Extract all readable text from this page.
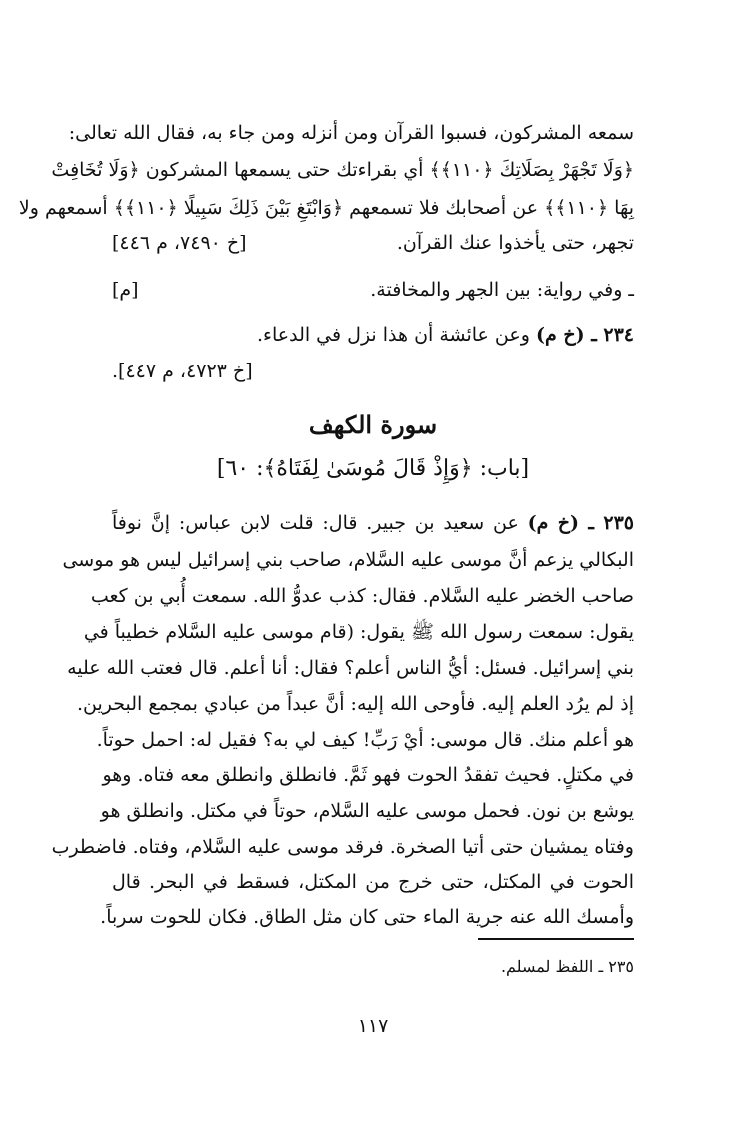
سمعه المشركون، فسبوا القرآن ومن أنزله ومن جاء به، فقال الله تعالى:
﴿وَلَا تَجْهَرْ بِصَلَاتِكَ ﴿١١٠﴾﴾ أي بقراءتك حتى يسمعها المشركون ﴿وَلَا تُخَافِتْ
بِهَا ﴿١١٠﴾﴾ عن أصحابك فلا تسمعهم ﴿وَابْتَغِ بَيْنَ ذَلِكَ سَبِيلًا ﴿١١٠﴾﴾ أسمعهم ولا
تجهر، حتى يأخذوا عنك القرآن.
[خ ٧٤٩٠، م ٤٤٦]
ـ وفي رواية: بين الجهر والمخافتة.
[م]
٢٣٤ ـ (خ م) وعن عائشة أن هذا نزل في الدعاء.
[خ ٤٧٢٣، م ٤٤٧].
سورة الكهف
[باب: ﴿وَإِذْ قَالَ مُوسَىٰ لِفَتَاهُ﴾: ٦٠]
٢٣٥ ـ (خ م) عن سعيد بن جبير. قال: قلت لابن عباس: إنَّ نوفاً
البكالي يزعم أنَّ موسى عليه السَّلام، صاحب بني إسرائيل ليس هو موسى
صاحب الخضر عليه السَّلام. فقال: كذب عدوُّ الله. سمعت أُبي بن كعب
يقول: سمعت رسول الله ﷺ يقول: (قام موسى عليه السَّلام خطيباً في
بني إسرائيل. فسئل: أيُّ الناس أعلم؟ فقال: أنا أعلم. قال فعتب الله عليه
إذ لم يرُد العلم إليه. فأوحى الله إليه: أنَّ عبداً من عبادي بمجمع البحرين.
هو أعلم منك. قال موسى: أيْ رَبِّ! كيف لي به؟ فقيل له: احمل حوتاً.
في مكتلٍ. فحيث تفقدُ الحوت فهو ثَمَّ. فانطلق وانطلق معه فتاه. وهو
يوشع بن نون. فحمل موسى عليه السَّلام، حوتاً في مكتل. وانطلق هو
وفتاه يمشيان حتى أتيا الصخرة. فرقد موسى عليه السَّلام، وفتاه. فاضطرب
الحوت في المكتل، حتى خرج من المكتل، فسقط في البحر. قال
وأمسك الله عنه جرية الماء حتى كان مثل الطاق. فكان للحوت سرباً.
٢٣٥ ـ اللفظ لمسلم.
١١٧
